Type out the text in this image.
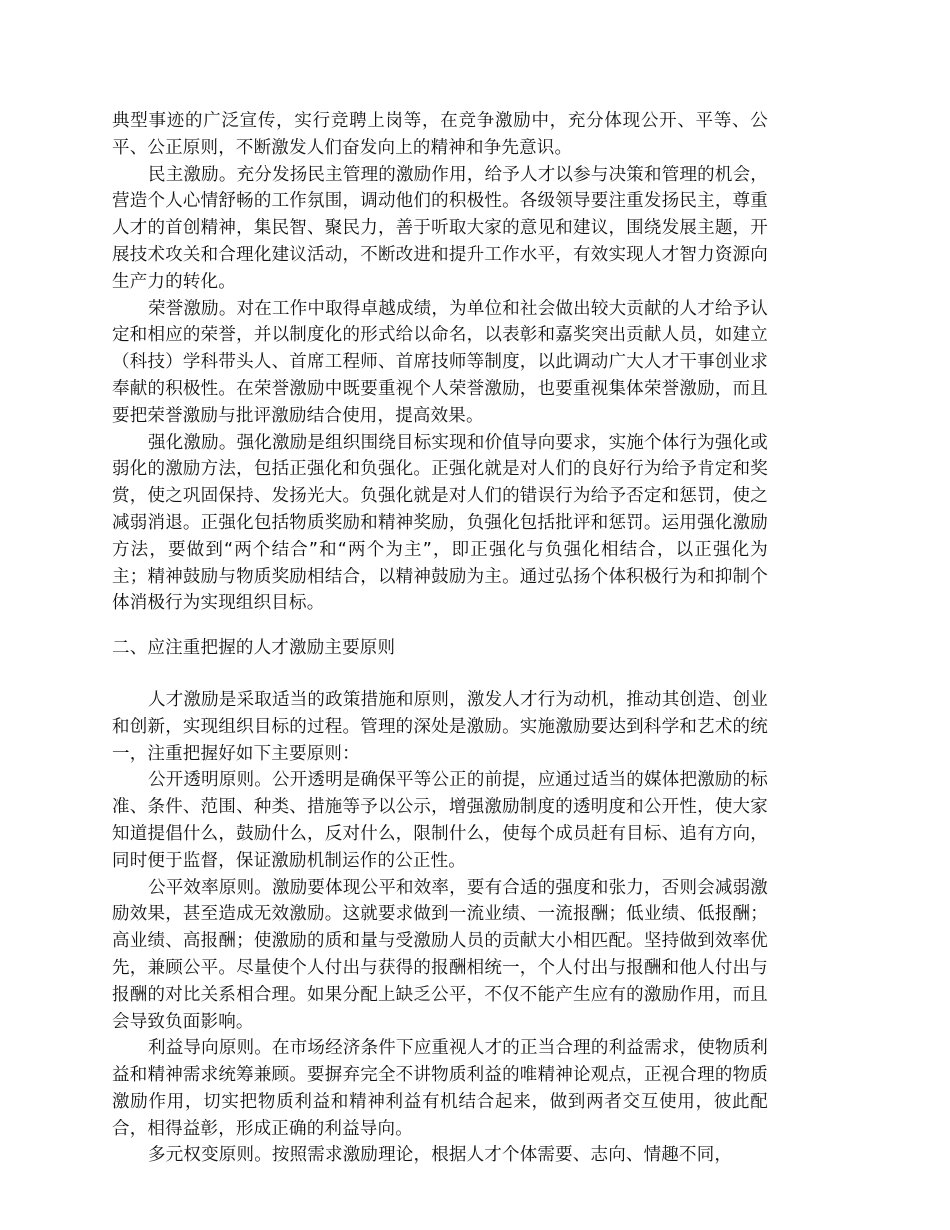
典型事迹的广泛宣传，实行竞聘上岗等，在竞争激励中，充分体现公开、平等、公平、公正原则，不断激发人们奋发向上的精神和争先意识。

民主激励。充分发扬民主管理的激励作用，给予人才以参与决策和管理的机会，营造个人心情舒畅的工作氛围，调动他们的积极性。各级领导要注重发扬民主，尊重人才的首创精神，集民智、聚民力，善于听取大家的意见和建议，围绕发展主题，开展技术攻关和合理化建议活动，不断改进和提升工作水平，有效实现人才智力资源向生产力的转化。

荣誉激励。对在工作中取得卓越成绩，为单位和社会做出较大贡献的人才给予认定和相应的荣誉，并以制度化的形式给以命名，以表彰和嘉奖突出贡献人员，如建立（科技）学科带头人、首席工程师、首席技师等制度，以此调动广大人才干事创业求奉献的积极性。在荣誉激励中既要重视个人荣誉激励，也要重视集体荣誉激励，而且要把荣誉激励与批评激励结合使用，提高效果。

强化激励。强化激励是组织围绕目标实现和价值导向要求，实施个体行为强化或弱化的激励方法，包括正强化和负强化。正强化就是对人们的良好行为给予肯定和奖赏，使之巩固保持、发扬光大。负强化就是对人们的错误行为给予否定和惩罚，使之减弱消退。正强化包括物质奖励和精神奖励，负强化包括批评和惩罚。运用强化激励方法，要做到“两个结合”和“两个为主”，即正强化与负强化相结合，以正强化为主；精神鼓励与物质奖励相结合，以精神鼓励为主。通过弘扬个体积极行为和抑制个体消极行为实现组织目标。

二、应注重把握的人才激励主要原则

人才激励是采取适当的政策措施和原则，激发人才行为动机，推动其创造、创业和创新，实现组织目标的过程。管理的深处是激励。实施激励要达到科学和艺术的统一，注重把握好如下主要原则：

公开透明原则。公开透明是确保平等公正的前提，应通过适当的媒体把激励的标准、条件、范围、种类、措施等予以公示，增强激励制度的透明度和公开性，使大家知道提倡什么，鼓励什么，反对什么，限制什么，使每个成员赶有目标、追有方向，同时便于监督，保证激励机制运作的公正性。

公平效率原则。激励要体现公平和效率，要有合适的强度和张力，否则会减弱激励效果，甚至造成无效激励。这就要求做到一流业绩、一流报酬；低业绩、低报酬；高业绩、高报酬；使激励的质和量与受激励人员的贡献大小相匹配。坚持做到效率优先，兼顾公平。尽量使个人付出与获得的报酬相统一，个人付出与报酬和他人付出与报酬的对比关系相合理。如果分配上缺乏公平，不仅不能产生应有的激励作用，而且会导致负面影响。

利益导向原则。在市场经济条件下应重视人才的正当合理的利益需求，使物质利益和精神需求统筹兼顾。要摒弃完全不讲物质利益的唯精神论观点，正视合理的物质激励作用，切实把物质利益和精神利益有机结合起来，做到两者交互使用，彼此配合，相得益彰，形成正确的利益导向。

多元权变原则。按照需求激励理论，根据人才个体需要、志向、情趣不同，
